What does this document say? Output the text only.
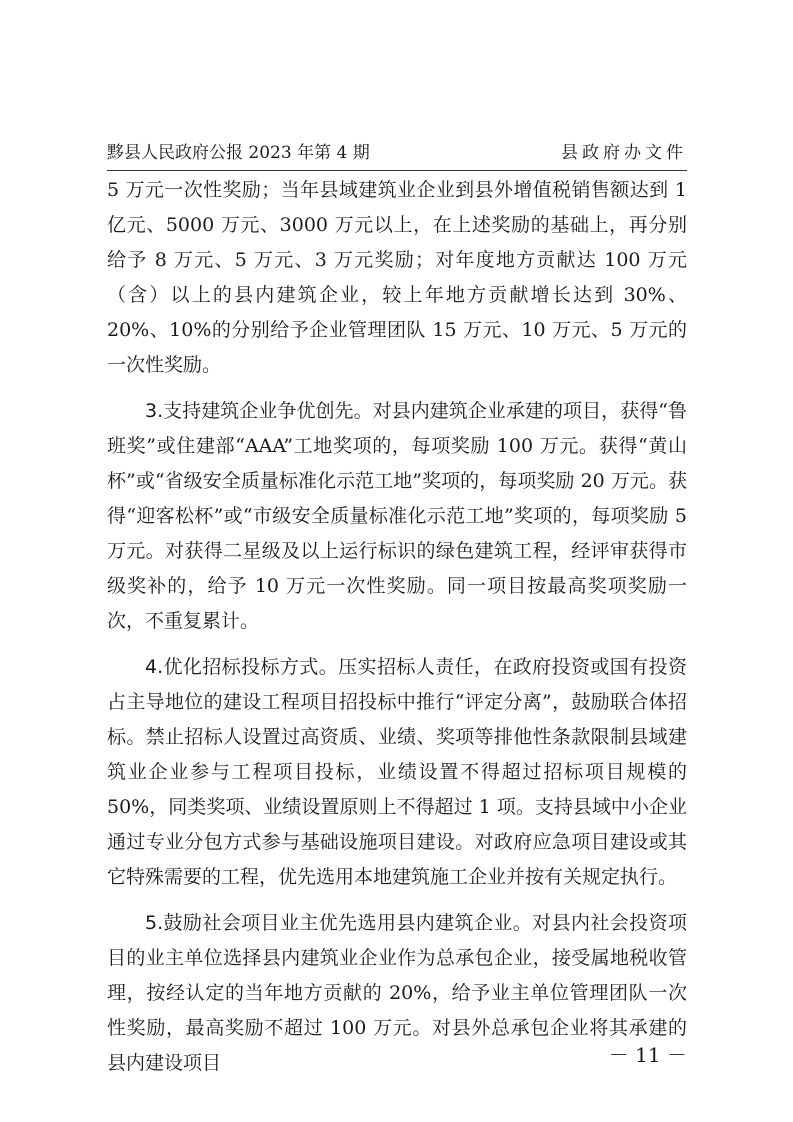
黟县人民政府公报 2023 年第 4 期	县政府办文件

5 万元一次性奖励；当年县域建筑业企业到县外增值税销售额达到 1 亿元、5000 万元、3000 万元以上，在上述奖励的基础上，再分别给予 8 万元、5 万元、3 万元奖励；对年度地方贡献达 100 万元（含）以上的县内建筑企业，较上年地方贡献增长达到 30%、20%、10%的分别给予企业管理团队 15 万元、10 万元、5 万元的一次性奖励。

3.支持建筑企业争优创先。对县内建筑企业承建的项目，获得“鲁班奖”或住建部“AAA”工地奖项的，每项奖励 100 万元。获得“黄山杯”或“省级安全质量标准化示范工地”奖项的，每项奖励 20 万元。获得“迎客松杯”或“市级安全质量标准化示范工地”奖项的，每项奖励 5 万元。对获得二星级及以上运行标识的绿色建筑工程，经评审获得市级奖补的，给予 10 万元一次性奖励。同一项目按最高奖项奖励一次，不重复累计。

4.优化招标投标方式。压实招标人责任，在政府投资或国有投资占主导地位的建设工程项目招投标中推行“评定分离”，鼓励联合体招标。禁止招标人设置过高资质、业绩、奖项等排他性条款限制县域建筑业企业参与工程项目投标，业绩设置不得超过招标项目规模的 50%，同类奖项、业绩设置原则上不得超过 1 项。支持县域中小企业通过专业分包方式参与基础设施项目建设。对政府应急项目建设或其它特殊需要的工程，优先选用本地建筑施工企业并按有关规定执行。

5.鼓励社会项目业主优先选用县内建筑企业。对县内社会投资项目的业主单位选择县内建筑业企业作为总承包企业，接受属地税收管理，按经认定的当年地方贡献的 20%，给予业主单位管理团队一次性奖励，最高奖励不超过 100 万元。对县外总承包企业将其承建的县内建设项目	－ 11 －
